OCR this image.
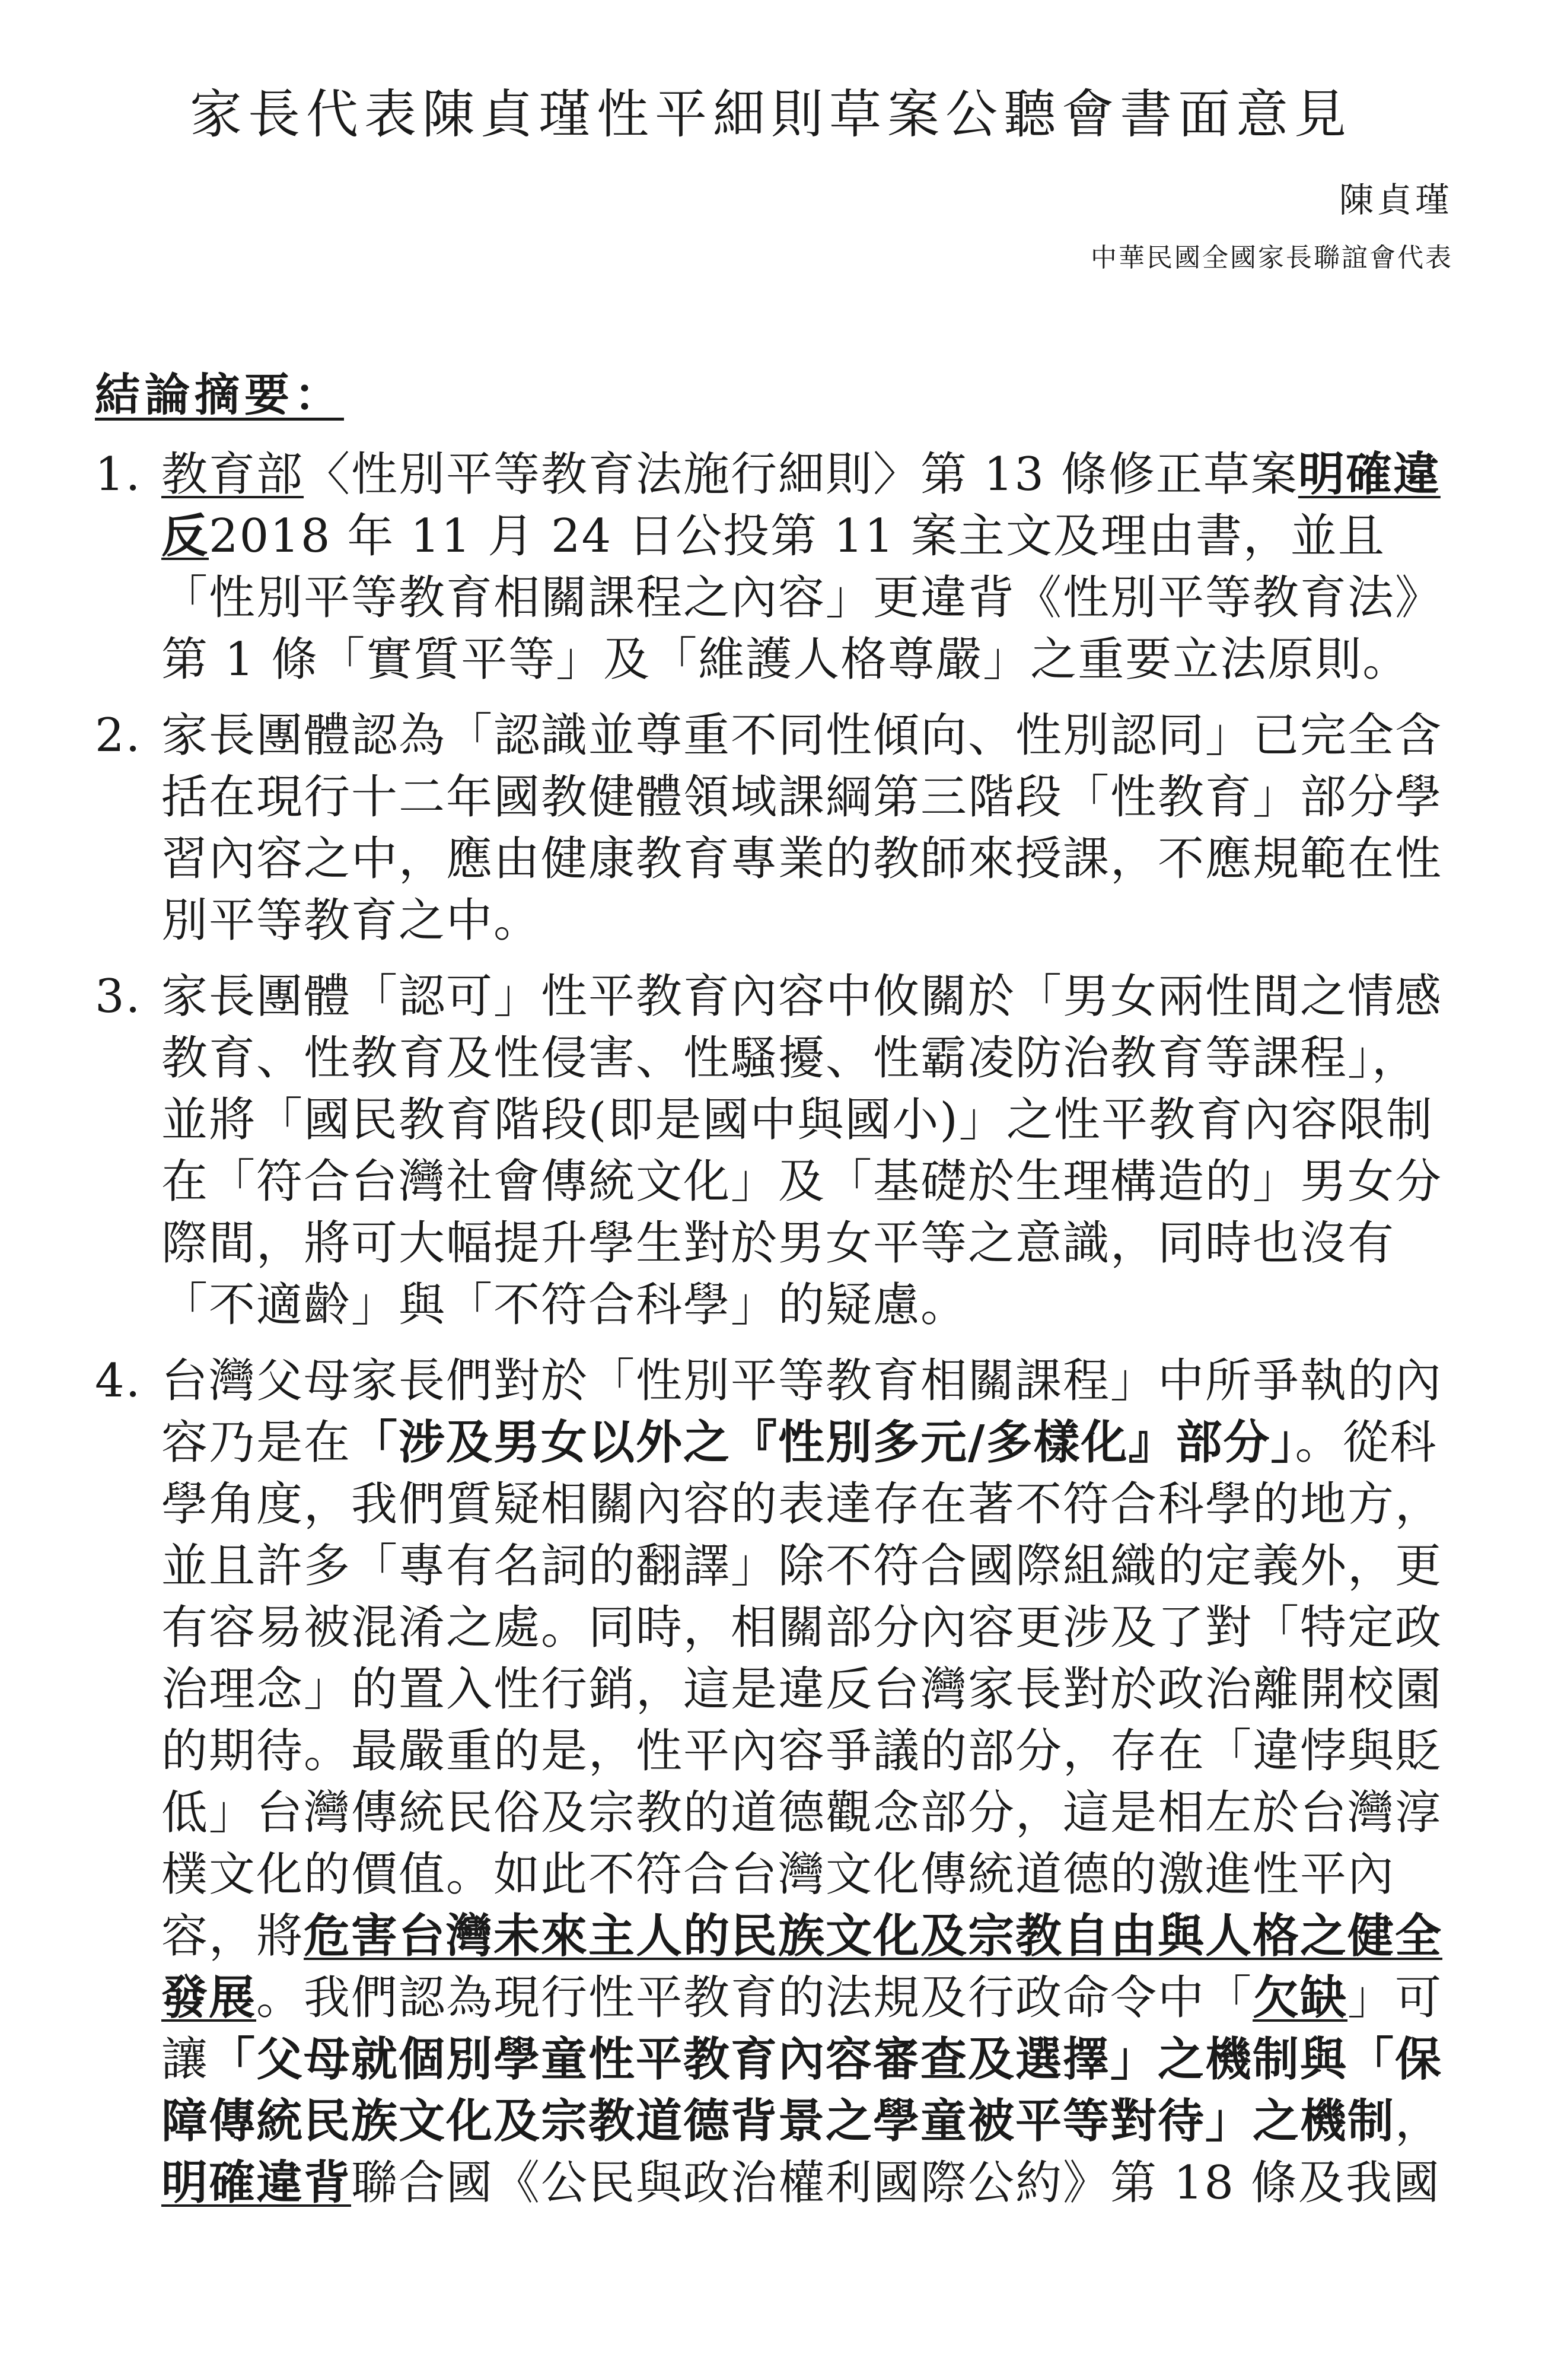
家長代表陳貞瑾性平細則草案公聽會書面意見
陳貞瑾
中華民國全國家長聯誼會代表
結論摘要：
1. 教育部〈性別平等教育法施行細則〉第 13 條修正草案明確違反2018 年 11 月 24 日公投第 11 案主文及理由書，並且「性別平等教育相關課程之內容」更違背《性別平等教育法》第 1 條「實質平等」及「維護人格尊嚴」之重要立法原則。
2. 家長團體認為「認識並尊重不同性傾向、性別認同」已完全含括在現行十二年國教健體領域課綱第三階段「性教育」部分學習內容之中，應由健康教育專業的教師來授課，不應規範在性別平等教育之中。
3. 家長團體「認可」性平教育內容中攸關於「男女兩性間之情感教育、性教育及性侵害、性騷擾、性霸凌防治教育等課程」，並將「國民教育階段(即是國中與國小)」之性平教育內容限制在「符合台灣社會傳統文化」及「基礎於生理構造的」男女分際間，將可大幅提升學生對於男女平等之意識，同時也沒有「不適齡」與「不符合科學」的疑慮。
4. 台灣父母家長們對於「性別平等教育相關課程」中所爭執的內容乃是在「涉及男女以外之『性別多元/多樣化』部分」。從科學角度，我們質疑相關內容的表達存在著不符合科學的地方，並且許多「專有名詞的翻譯」除不符合國際組織的定義外，更有容易被混淆之處。同時，相關部分內容更涉及了對「特定政治理念」的置入性行銷，這是違反台灣家長對於政治離開校園的期待。最嚴重的是，性平內容爭議的部分，存在「違悖與貶低」台灣傳統民俗及宗教的道德觀念部分，這是相左於台灣淳樸文化的價值。如此不符合台灣文化傳統道德的激進性平內容，將危害台灣未來主人的民族文化及宗教自由與人格之健全發展。我們認為現行性平教育的法規及行政命令中「欠缺」可讓「父母就個別學童性平教育內容審查及選擇」之機制與「保障傳統民族文化及宗教道德背景之學童被平等對待」之機制，明確違背聯合國《公民與政治權利國際公約》第 18 條及我國
